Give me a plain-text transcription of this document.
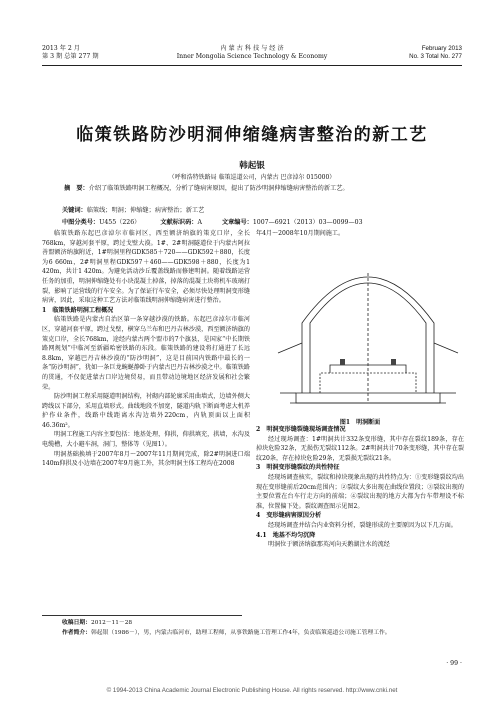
2013 年 2 月
第 3 期 总第 277 期
内 蒙 古 科 技 与 经 济
Inner Mongolia Science Technology & Economy
February 2013
No. 3 Total No. 277
临策铁路防沙明洞伸缩缝病害整治的新工艺
韩起银
（呼和浩特铁路局 临策巡道公司，内蒙古 巴彦淖尔 015000）
摘　要：介绍了临策铁路明洞工程概况，分析了缝病害原因，提出了防沙明洞伸缩缝病害整治的新工艺。
关键词：临策线；明洞；伸缩缝；病害整治；新工艺
中图分类号：U455（226）	文献标识码：A	文章编号：1007—6921（2013）03—0099—03

临策铁路东起巴彦淖尔市临河区，西至额济纳旗的策克口岸，全长768km，穿越河套平原，跨过戈壁大漠。1#、2#明洞隧道位于内蒙古阿拉善盟额济纳旗附近，1#明洞里程GDK585＋720——GDK592＋880，长度为6 660m，2#明洞里程GDK597＋460——GDK598＋880，长度为1 420m，共计1 420m。为避免活动沙丘覆盖线路而修建明洞。随着线路运营任务的加重，明洞伸缩缝处有小块混凝土掉落，掉落的混凝土块将机车玻璃打裂，影响了运营线的行车安全。为了保证行车安全，必须尽快处理明洞变形缝病害，因此，采取这种工艺方法对临策线明洞伸缩缝病害进行整治。

1　临策铁路明洞工程概况

临策铁路是内蒙古自治区第一条穿越沙漠的铁路。东起巴彦淖尔市临河区，穿越河套平原，跨过戈壁，横穿乌兰布和巴丹吉林沙漠，西至额济纳旗的策克口岸，全长768km，途经内蒙古两个盟市的7个旗县，是国家“中长期铁路网规划”中临河至新疆哈密铁路的东段。临策铁路的建设将打通进了长远8.8km，穿越巴丹吉林沙漠的“防沙明洞”，这是目前国内铁路中最长的一条“防沙明洞”，犹如一条巨龙蜿蜒静卧于内蒙古巴丹吉林沙漠之中。临策铁路的贯通，不仅促进蒙古口岸边境贸易，而且带动边境地区经济发展和社会繁荣。

防沙明洞工程采用隧道明洞结构，衬砌内部轮廓采用曲墙式，边墙外侧大跨线以下部分，采用直墙形式。曲线地段不加宽，隧道内轨下断面考虑大机养护作业条件，线路中线距离水沟边墙外220cm，内轨顶面以上面积46.36m²。

明洞工程施工内容主要包括：地基处理，仰拱，仰拱填充，拱墙，水沟及电缆槽，大小避车洞，洞门，整体等（见图1）。

明洞基础换填于2007年8月～2007年11月期间完成，除2#明洞进口端140m仰拱及小边墙在2007年9月施工外，其余明洞主体工程均在2008

年4月～2008年10月期间施工。

图1　明洞断面

2　明洞变形缝裂缝现场调查情况

经过现场调查：1#明洞共计332条变形缝，其中存在裂纹189条，存在掉块危险32条，无损伤无裂纹112条。2#明洞共计70条变形缝，其中存在裂纹20条，存在掉块危险29条，无裂损无裂纹21条。

3　明洞变形缝裂纹的共性特征

经现场调查核实，裂纹和掉块现象出现的共性特点为：①变形缝裂纹均出现在变形缝前后20cm范围内；②裂纹大多出现在曲线位置段；③裂纹出现的主要位置在台车行走方向的前端；④裂纹出现的地方大都为台车带埋设不标准，位置偏下处。裂纹调查图示见图2。

4　变形缝病害原因分析

经现场调查并结合内业资料分析，裂缝形成的主要原因为以下几方面。

4.1　地基不均匀沉降

明洞位于额济纳旗那英河向天鹅湖注水的流经

收稿日期：2012－11－28
作者简介：韩起银（1986－），男，内蒙古临河市，助理工程师，从事铁路施工管理工作4年，负责临策巡道公司施工管理工作。
· 99 ·
© 1994-2013 China Academic Journal Electronic Publishing House. All rights reserved. http://www.cnki.net
